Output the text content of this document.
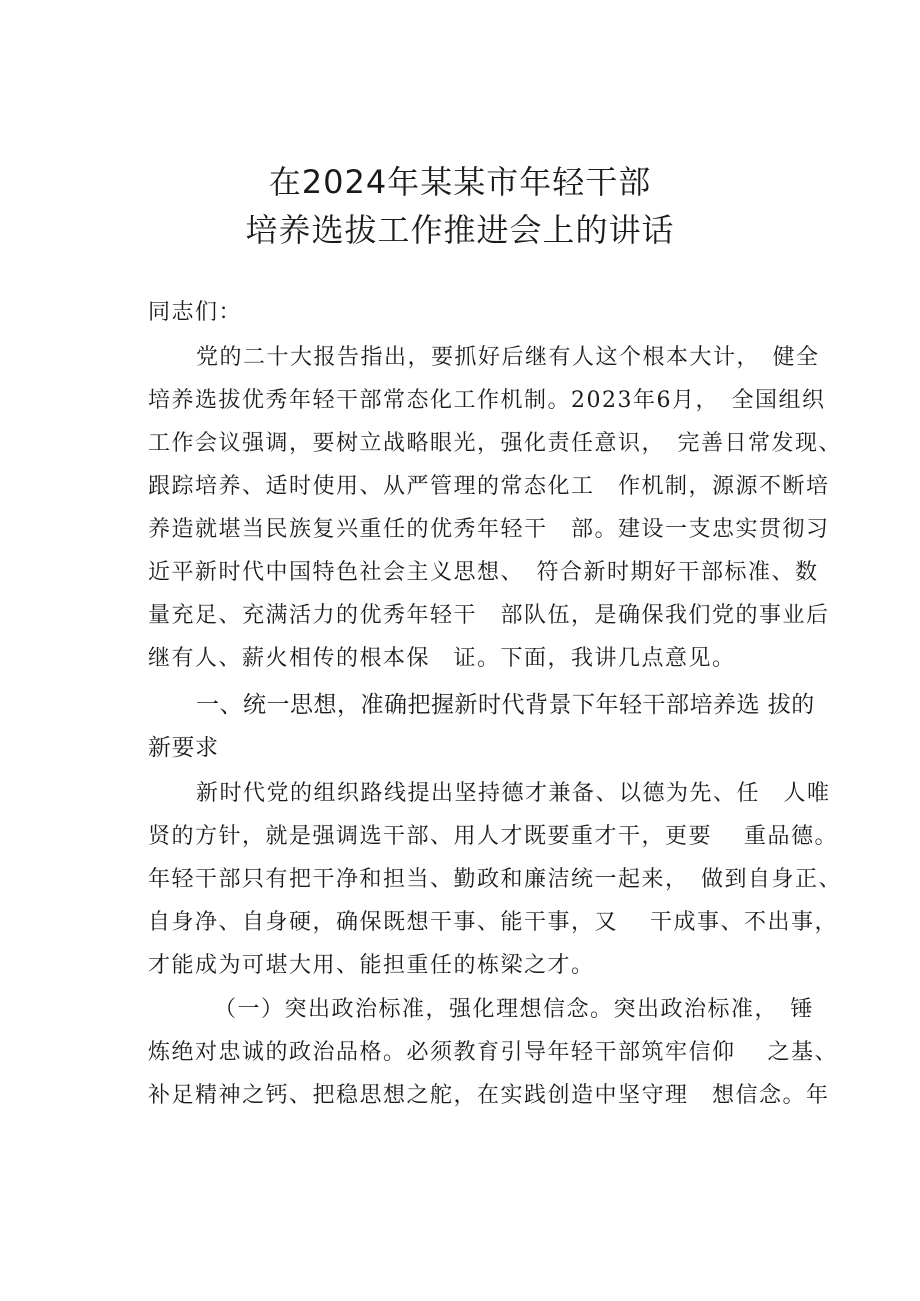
在2024年某某市年轻干部
培养选拔工作推进会上的讲话
同志们：
党的二十大报告指出，要抓好后继有人这个根本大计，　健全
培养选拔优秀年轻干部常态化工作机制。2023年6月，　全国组织
工作会议强调，要树立战略眼光，强化责任意识，　完善日常发现、
跟踪培养、适时使用、从严管理的常态化工　作机制，源源不断培
养造就堪当民族复兴重任的优秀年轻干　部。建设一支忠实贯彻习
近平新时代中国特色社会主义思想、　符合新时期好干部标准、数
量充足、充满活力的优秀年轻干　部队伍，是确保我们党的事业后
继有人、薪火相传的根本保　证。下面，我讲几点意见。
一、统一思想，准确把握新时代背景下年轻干部培养选 拔的
新要求
新时代党的组织路线提出坚持德才兼备、以德为先、任　人唯
贤的方针，就是强调选干部、用人才既要重才干，更要　 重品德。
年轻干部只有把干净和担当、勤政和廉洁统一起来，　做到自身正、
自身净、自身硬，确保既想干事、能干事，又　 干成事、不出事，
才能成为可堪大用、能担重任的栋梁之才。
（一）突出政治标准，强化理想信念。突出政治标准，　锤
炼绝对忠诚的政治品格。必须教育引导年轻干部筑牢信仰　 之基、
补足精神之钙、把稳思想之舵，在实践创造中坚守理　想信念。年
